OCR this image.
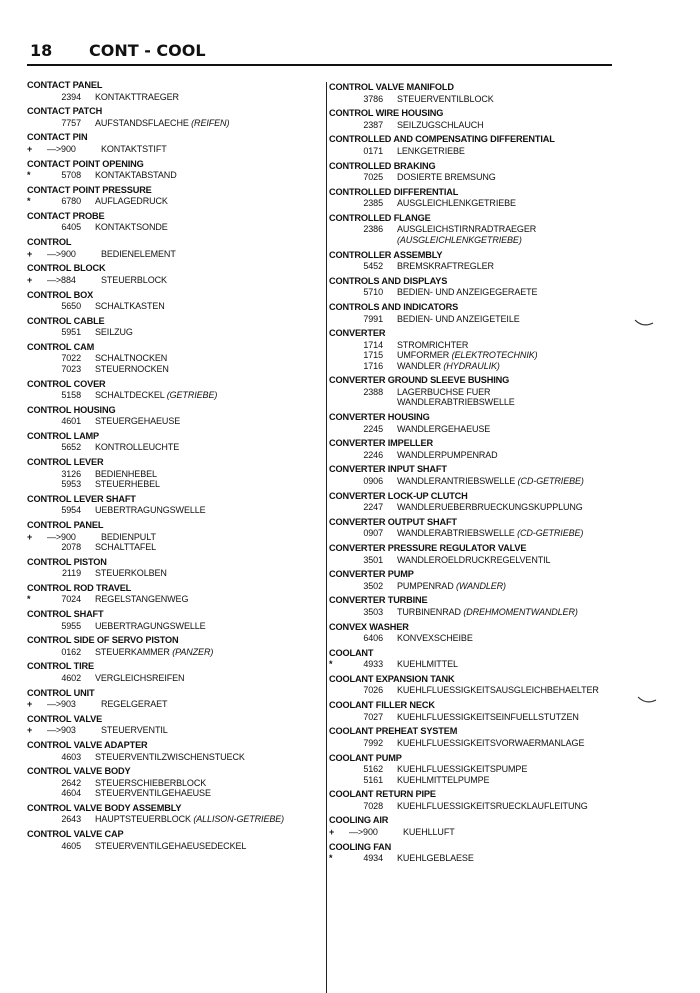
18 CONT - COOL
CONTACT PANEL
2394 KONTAKTTRAEGER
CONTACT PATCH
7757 AUFSTANDSFLAECHE (REIFEN)
CONTACT PIN
+ —>900	KONTAKTSTIFT
CONTACT POINT OPENING
*	5708 KONTAKTABSTAND
CONTACT POINT PRESSURE
*	6780 AUFLAGEDRUCK
CONTACT PROBE
6405 KONTAKTSONDE
CONTROL
+ —>900	BEDIENELEMENT
CONTROL BLOCK
+ —>884	STEUERBLOCK
CONTROL BOX
5650 SCHALTKASTEN
CONTROL CABLE
5951 SEILZUG
CONTROL CAM
7022 SCHALTNOCKEN
7023 STEUERNOCKEN
CONTROL COVER
5158 SCHALTDECKEL (GETRIEBE)
CONTROL HOUSING
4601 STEUERGEHAEUSE
CONTROL LAMP
5652 KONTROLLEUCHTE
CONTROL LEVER
3126 BEDIENHEBEL
5953 STEUERHEBEL
CONTROL LEVER SHAFT
5954 UEBERTRAGUNGSWELLE
CONTROL PANEL
+ —>900	BEDIENPULT
2078 SCHALTTAFEL
CONTROL PISTON
2119 STEUERKOLBEN
CONTROL ROD TRAVEL
*	7024 REGELSTANGENWEG
CONTROL SHAFT
5955 UEBERTRAGUNGSWELLE
CONTROL SIDE OF SERVO PISTON
0162 STEUERKAMMER (PANZER)
CONTROL TIRE
4602 VERGLEICHSREIFEN
CONTROL UNIT
+ —>903	REGELGERAET
CONTROL VALVE
+ —>903	STEUERVENTIL
CONTROL VALVE ADAPTER
4603 STEUERVENTILZWISCHENSTUECK
CONTROL VALVE BODY
2642 STEUERSCHIEBERBLOCK
4604 STEUERVENTILGEHAEUSE
CONTROL VALVE BODY ASSEMBLY
2643 HAUPTSTEUERBLOCK (ALLISON-GETRIEBE)
CONTROL VALVE CAP
4605 STEUERVENTILGEHAEUSEDECKEL
CONTROL VALVE MANIFOLD
3786 STEUERVENTILBLOCK
CONTROL WIRE HOUSING
2387 SEILZUGSCHLAUCH
CONTROLLED AND COMPENSATING DIFFERENTIAL
0171 LENKGETRIEBE
CONTROLLED BRAKING
7025 DOSIERTE BREMSUNG
CONTROLLED DIFFERENTIAL
2385 AUSGLEICHLENKGETRIEBE
CONTROLLED FLANGE
2386 AUSGLEICHSTIRNRADTRAEGER
(AUSGLEICHLENKGETRIEBE)
CONTROLLER ASSEMBLY
5452 BREMSKRAFTREGLER
CONTROLS AND DISPLAYS
5710 BEDIEN- UND ANZEIGEGERAETE
CONTROLS AND INDICATORS
7991 BEDIEN- UND ANZEIGETEILE
CONVERTER
1714 STROMRICHTER
1715 UMFORMER (ELEKTROTECHNIK)
1716 WANDLER (HYDRAULIK)
CONVERTER GROUND SLEEVE BUSHING
2388 LAGERBUCHSE FUER
WANDLERABTRIEBSWELLE
CONVERTER HOUSING
2245 WANDLERGEHAEUSE
CONVERTER IMPELLER
2246 WANDLERPUMPENRAD
CONVERTER INPUT SHAFT
0906 WANDLERANTRIEBSWELLE (CD-GETRIEBE)
CONVERTER LOCK-UP CLUTCH
2247 WANDLERUEBERBRUECKUNGSKUPPLUNG
CONVERTER OUTPUT SHAFT
0907 WANDLERABTRIEBSWELLE (CD-GETRIEBE)
CONVERTER PRESSURE REGULATOR VALVE
3501 WANDLEROELDRUCKREGELVENTIL
CONVERTER PUMP
3502 PUMPENRAD (WANDLER)
CONVERTER TURBINE
3503 TURBINENRAD (DREHMOMENTWANDLER)
CONVEX WASHER
6406 KONVEXSCHEIBE
COOLANT
*	4933 KUEHLMITTEL
COOLANT EXPANSION TANK
7026 KUEHLFLUESSIGKEITSAUSGLEICHBEHAELTER
COOLANT FILLER NECK
7027 KUEHLFLUESSIGKEITSEINFUELLSTUTZEN
COOLANT PREHEAT SYSTEM
7992 KUEHLFLUESSIGKEITSVORWAERMANLAGE
COOLANT PUMP
5162 KUEHLFLUESSIGKEITSPUMPE
5161 KUEHLMITTELPUMPE
COOLANT RETURN PIPE
7028 KUEHLFLUESSIGKEITSRUECKLAUFLEITUNG
COOLING AIR
+ —>900	KUEHLLUFT
COOLING FAN
*	4934 KUEHLGEBLAESE
